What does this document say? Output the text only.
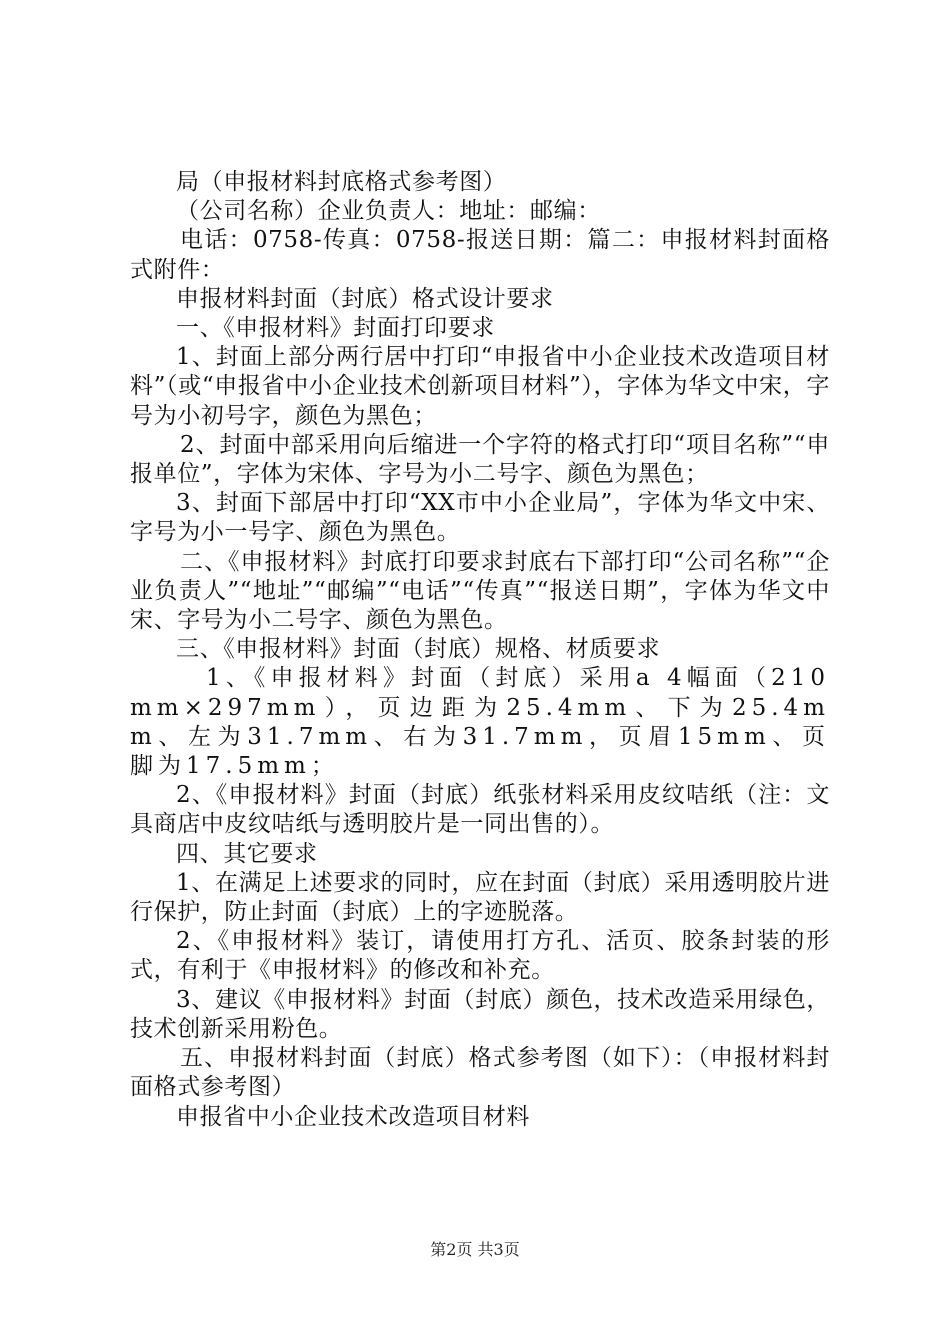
局（申报材料封底格式参考图）

（公司名称）企业负责人：地址：邮编：

电话：0758-传真：0758-报送日期：篇二：申报材料封面格式附件：

申报材料封面（封底）格式设计要求

一、《申报材料》封面打印要求

1、封面上部分两行居中打印“申报省中小企业技术改造项目材料”（或“申报省中小企业技术创新项目材料”），字体为华文中宋，字号为小初号字，颜色为黑色；

2、封面中部采用向后缩进一个字符的格式打印“项目名称”“申报单位”，字体为宋体、字号为小二号字、颜色为黑色；

3、封面下部居中打印“XX市中小企业局”，字体为华文中宋、字号为小一号字、颜色为黑色。

二、《申报材料》封底打印要求封底右下部打印“公司名称”“企业负责人”“地址”“邮编”“电话”“传真”“报送日期”，字体为华文中宋、字号为小二号字、颜色为黑色。

三、《申报材料》封面（封底）规格、材质要求

1、《申报材料》封面（封底）采用a 4幅面（210mm×297mm），页边距为25.4mm、下为25.4mm、左为31.7mm、右为31.7mm，页眉15mm、页脚为17.5mm；

2、《申报材料》封面（封底）纸张材料采用皮纹咭纸（注：文具商店中皮纹咭纸与透明胶片是一同出售的）。

四、其它要求

1、在满足上述要求的同时，应在封面（封底）采用透明胶片进行保护，防止封面（封底）上的字迹脱落。

2、《申报材料》装订，请使用打方孔、活页、胶条封装的形式，有利于《申报材料》的修改和补充。

3、建议《申报材料》封面（封底）颜色，技术改造采用绿色，技术创新采用粉色。

五、申报材料封面（封底）格式参考图（如下）：（申报材料封面格式参考图）

申报省中小企业技术改造项目材料

第2页 共3页
